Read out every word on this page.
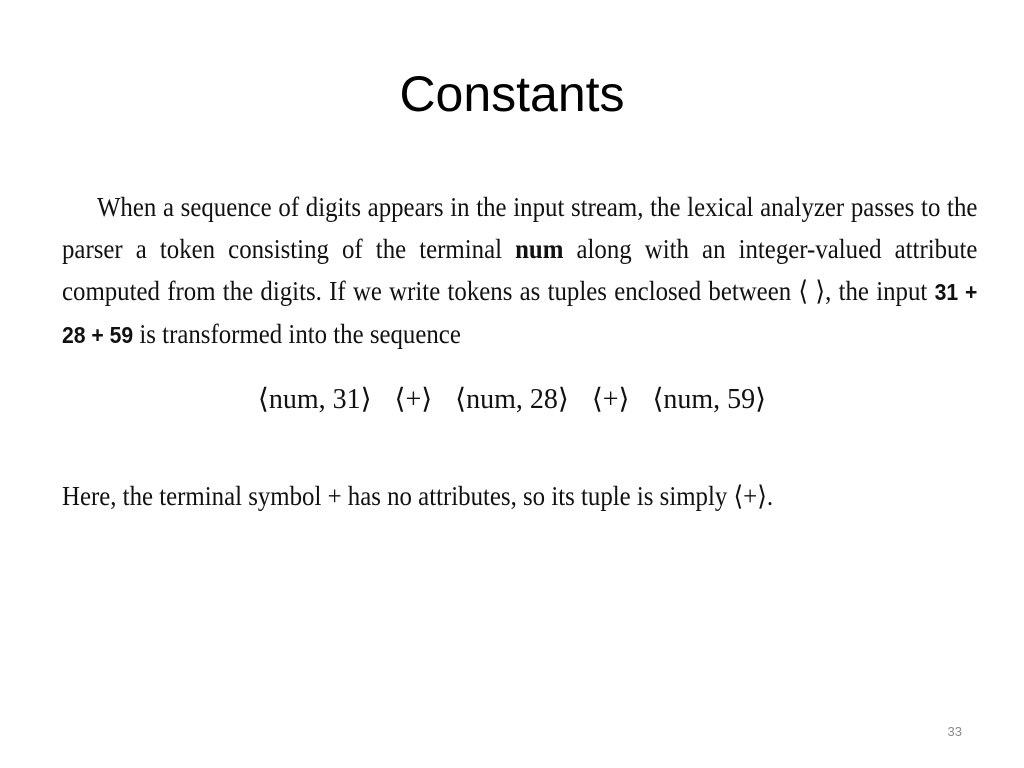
Constants

When a sequence of digits appears in the input stream, the lexical analyzer passes to the parser a token consisting of the terminal num along with an integer-valued attribute computed from the digits. If we write tokens as tuples enclosed between ⟨ ⟩, the input 31 + 28 + 59 is transformed into the sequence

⟨num, 31⟩ ⟨+⟩ ⟨num, 28⟩ ⟨+⟩ ⟨num, 59⟩

Here, the terminal symbol + has no attributes, so its tuple is simply ⟨+⟩.

33
